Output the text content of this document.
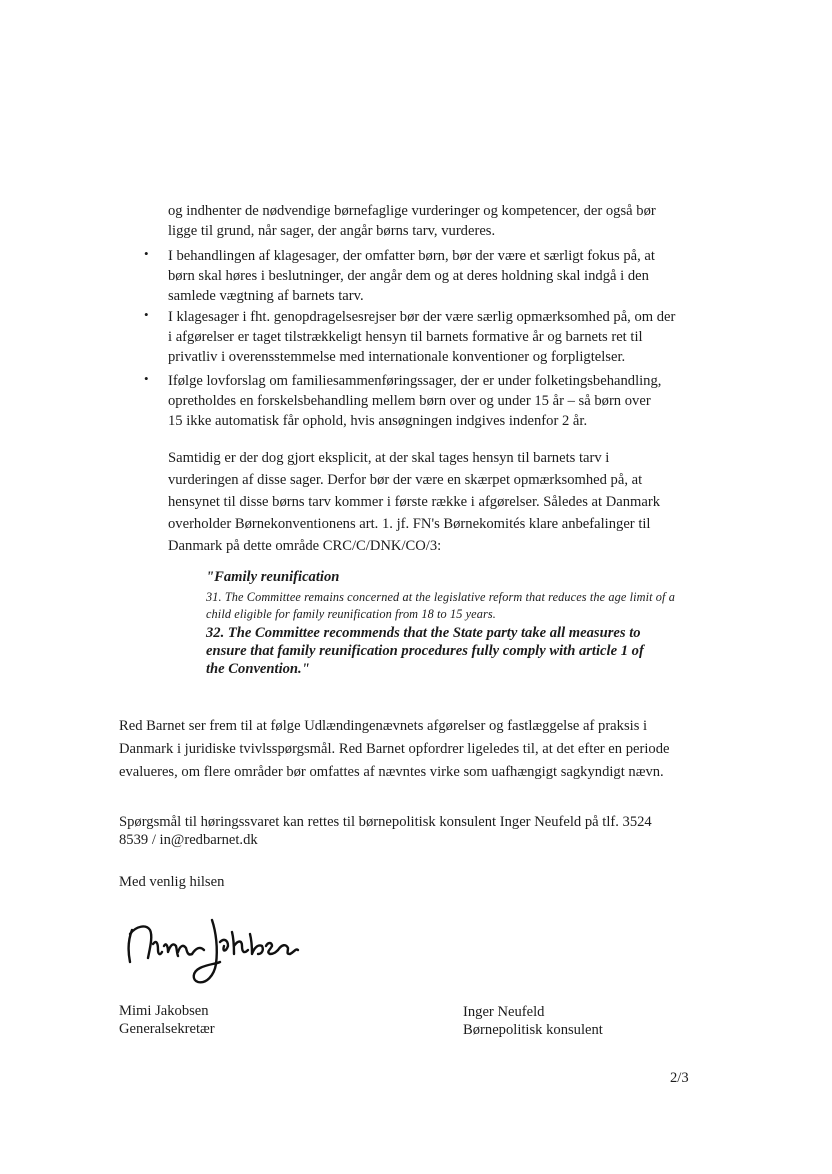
og indhenter de nødvendige børnefaglige vurderinger og kompetencer, der også bør
ligge til grund, når sager, der angår børns tarv, vurderes.
• I behandlingen af klagesager, der omfatter børn, bør der være et særligt fokus på, at
børn skal høres i beslutninger, der angår dem og at deres holdning skal indgå i den
samlede vægtning af barnets tarv.
• I klagesager i fht. genopdragelsesrejser bør der være særlig opmærksomhed på, om der
i afgørelser er taget tilstrækkeligt hensyn til barnets formative år og barnets ret til
privatliv i overensstemmelse med internationale konventioner og forpligtelser.
• Ifølge lovforslag om familiesammenføringssager, der er under folketingsbehandling,
opretholdes en forskelsbehandling mellem børn over og under 15 år – så børn over
15 ikke automatisk får ophold, hvis ansøgningen indgives indenfor 2 år.
Samtidig er der dog gjort eksplicit, at der skal tages hensyn til barnets tarv i
vurderingen af disse sager. Derfor bør der være en skærpet opmærksomhed på, at
hensynet til disse børns tarv kommer i første række i afgørelser. Således at Danmark
overholder Børnekonventionens art. 1. jf. FN's Børnekomités klare anbefalinger til
Danmark på dette område CRC/C/DNK/CO/3:
"Family reunification
31. The Committee remains concerned at the legislative reform that reduces the age limit of a
child eligible for family reunification from 18 to 15 years.
32. The Committee recommends that the State party take all measures to
ensure that family reunification procedures fully comply with article 1 of
the Convention."
Red Barnet ser frem til at følge Udlændingenævnets afgørelser og fastlæggelse af praksis i
Danmark i juridiske tvivlsspørgsmål. Red Barnet opfordrer ligeledes til, at det efter en periode
evalueres, om flere områder bør omfattes af nævntes virke som uafhængigt sagkyndigt nævn.
Spørgsmål til høringssvaret kan rettes til børnepolitisk konsulent Inger Neufeld på tlf. 3524
8539 / in@redbarnet.dk
Med venlig hilsen
Mimi Jakobsen
Generalsekretær
Inger Neufeld
Børnepolitisk konsulent
2/3
